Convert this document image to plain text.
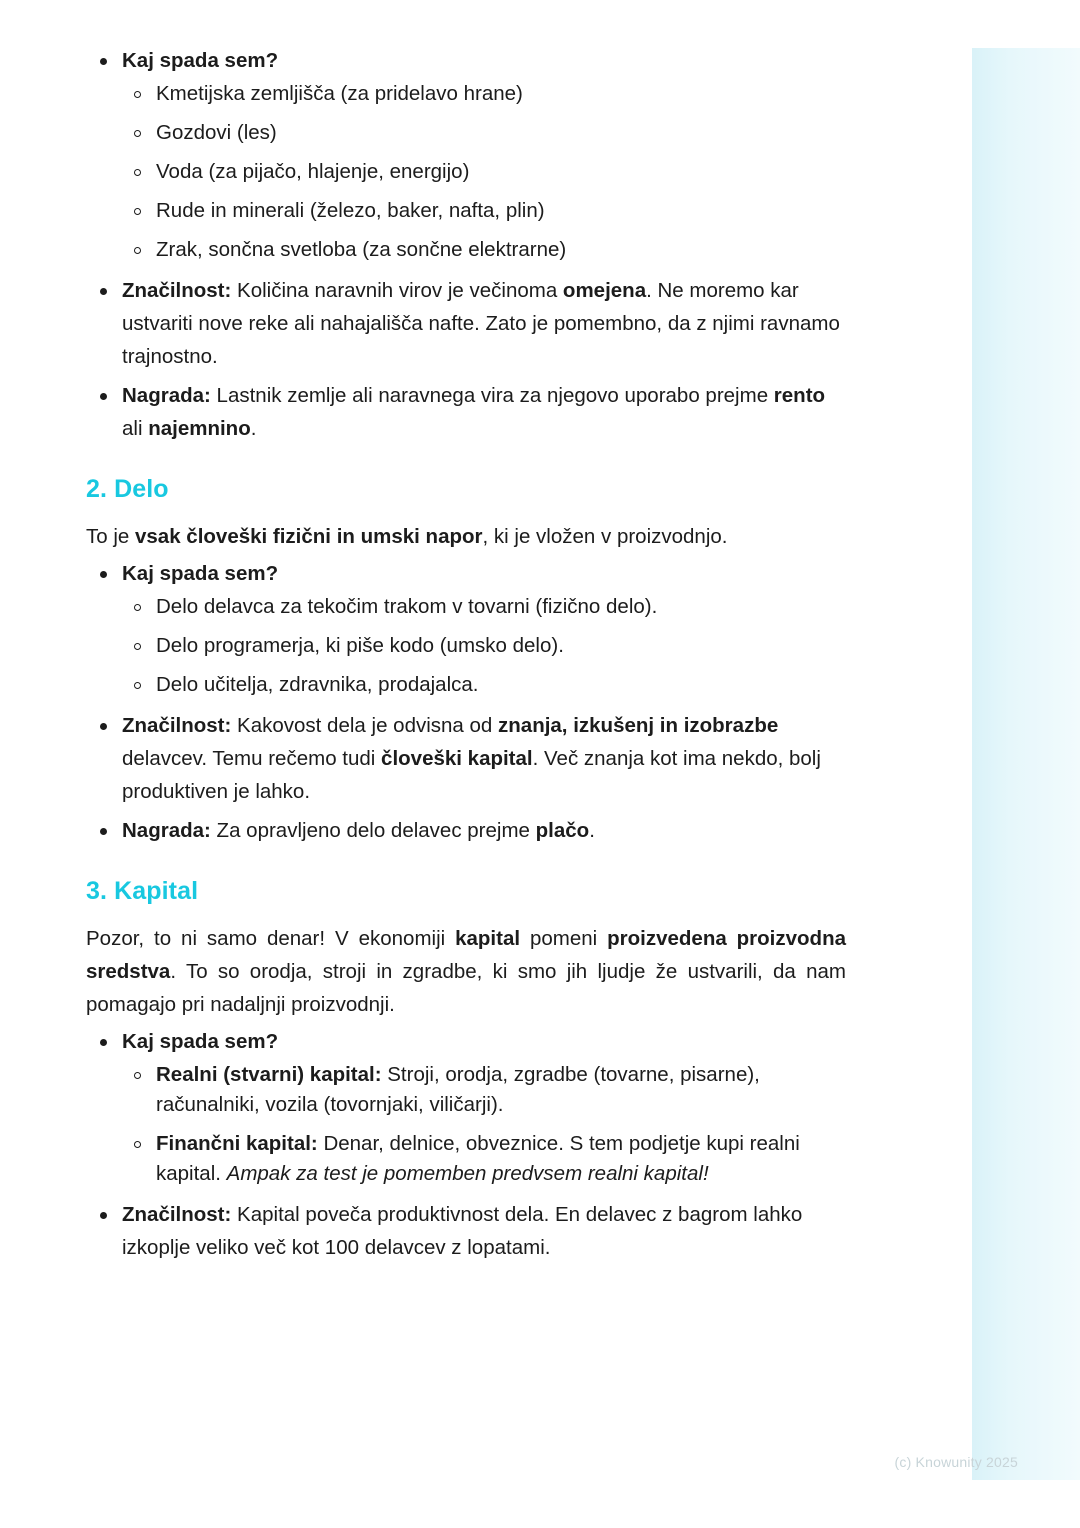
Kaj spada sem?
Kmetijska zemljišča (za pridelavo hrane)
Gozdovi (les)
Voda (za pijačo, hlajenje, energijo)
Rude in minerali (železo, baker, nafta, plin)
Zrak, sončna svetloba (za sončne elektrarne)
Značilnost: Količina naravnih virov je večinoma omejena. Ne moremo kar ustvariti nove reke ali nahajališča nafte. Zato je pomembno, da z njimi ravnamo trajnostno.
Nagrada: Lastnik zemlje ali naravnega vira za njegovo uporabo prejme rento ali najemnino.
2. Delo

To je vsak človeški fizični in umski napor, ki je vložen v proizvodnjo.

Kaj spada sem?
Delo delavca za tekočim trakom v tovarni (fizično delo).
Delo programerja, ki piše kodo (umsko delo).
Delo učitelja, zdravnika, prodajalca.
Značilnost: Kakovost dela je odvisna od znanja, izkušenj in izobrazbe delavcev. Temu rečemo tudi človeški kapital. Več znanja kot ima nekdo, bolj produktiven je lahko.
Nagrada: Za opravljeno delo delavec prejme plačo.
3. Kapital

Pozor, to ni samo denar! V ekonomiji kapital pomeni proizvedena proizvodna sredstva. To so orodja, stroji in zgradbe, ki smo jih ljudje že ustvarili, da nam pomagajo pri nadaljnji proizvodnji.

Kaj spada sem?
Realni (stvarni) kapital: Stroji, orodja, zgradbe (tovarne, pisarne), računalniki, vozila (tovornjaki, viličarji).
Finančni kapital: Denar, delnice, obveznice. S tem podjetje kupi realni kapital. Ampak za test je pomemben predvsem realni kapital!
Značilnost: Kapital poveča produktivnost dela. En delavec z bagrom lahko izkoplje veliko več kot 100 delavcev z lopatami.
(c) Knowunity 2025
